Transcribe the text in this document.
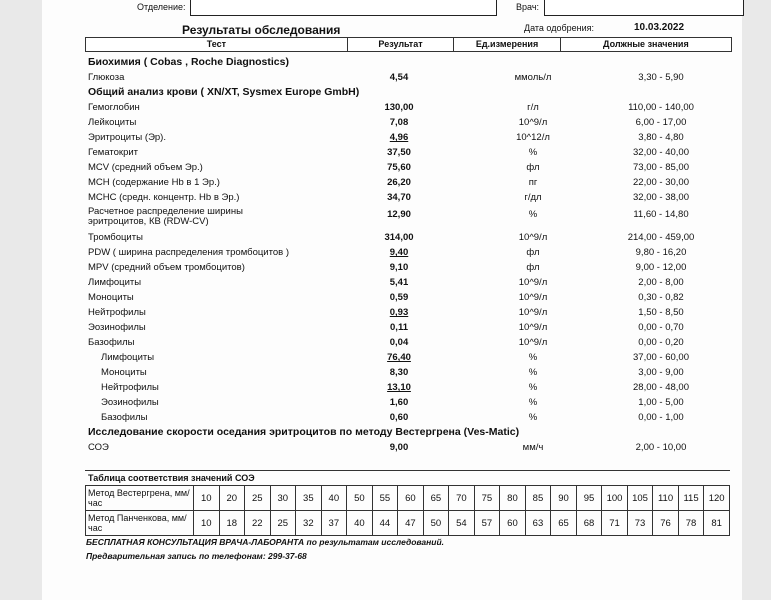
Отделение:	Врач:
Результаты обследования	Дата одобрения:	10.03.2022
Тест	Результат	Ед.измерения	Должные значения
Биохимия ( Cobas , Roche Diagnostics)
Глюкоза	4,54	ммоль/л	3,30 - 5,90
Общий анализ крови ( XN/XT, Sysmex Europe GmbH)
Гемоглобин	130,00	г/л	110,00 - 140,00
Лейкоциты	7,08	10^9/л	6,00 - 17,00
Эритроциты (Эр).	4,96	10^12/л	3,80 - 4,80
Гематокрит	37,50	%	32,00 - 40,00
MCV (средний объем Эр.)	75,60	фл	73,00 - 85,00
MCH (содержание Hb в 1 Эр.)	26,20	пг	22,00 - 30,00
MCHC (средн. концентр. Hb в Эр.)	34,70	г/дл	32,00 - 38,00
Расчетное распределение ширины
эритроцитов, КВ (RDW-CV)
12,90	%	11,60 - 14,80
Тромбоциты	314,00	10^9/л	214,00 - 459,00
PDW ( ширина распределения тромбоцитов )	9,40	фл	9,80 - 16,20
MPV (средний объем тромбоцитов)	9,10	фл	9,00 - 12,00
Лимфоциты	5,41	10^9/л	2,00 - 8,00
Моноциты	0,59	10^9/л	0,30 - 0,82
Нейтрофилы	0,93	10^9/л	1,50 - 8,50
Эозинофилы	0,11	10^9/л	0,00 - 0,70
Базофилы	0,04	10^9/л	0,00 - 0,20
Лимфоциты	76,40	%	37,00 - 60,00
Моноциты	8,30	%	3,00 - 9,00
Нейтрофилы	13,10	%	28,00 - 48,00
Эозинофилы	1,60	%	1,00 - 5,00
Базофилы	0,60	%	0,00 - 1,00
Исследование скорости оседания эритроцитов по методу Вестергрена (Ves-Matic)
СОЭ	9,00	мм/ч	2,00 - 10,00
Таблица соответствия значений СОЭ
Метод Вестергрена, мм/час	10	20	25	30	35	40	50	55	60	65	70	75	80	85	90	95	100	105	110	115	120
Метод Панченкова, мм/час	10	18	22	25	32	37	40	44	47	50	54	57	60	63	65	68	71	73	76	78	81
БЕСПЛАТНАЯ КОНСУЛЬТАЦИЯ ВРАЧА-ЛАБОРАНТА по результатам исследований.
Предварительная запись по телефонам: 299-37-68
